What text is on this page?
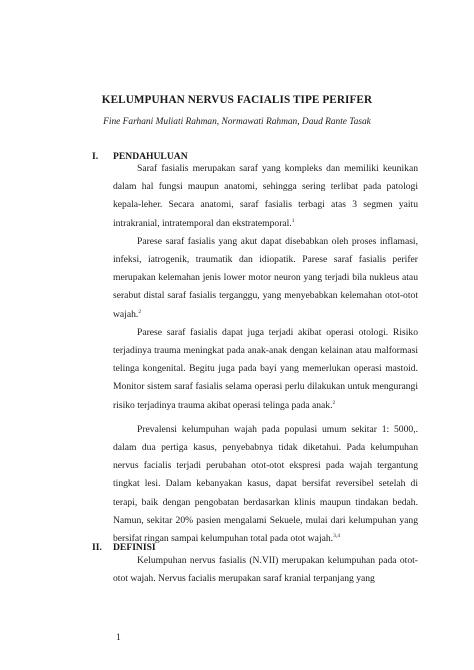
KELUMPUHAN NERVUS FACIALIS TIPE PERIFER
Fine Farhani Muliati Rahman, Normawati Rahman, Daud Rante Tasak
I. PENDAHULUAN

Saraf fasialis merupakan saraf yang kompleks dan memiliki keunikan dalam hal fungsi maupun anatomi, sehingga sering terlibat pada patologi kepala-leher. Secara anatomi, saraf fasialis terbagi atas 3 segmen yaitu intrakranial, intratemporal dan ekstratemporal.$^1$

Parese saraf fasialis yang akut dapat disebabkan oleh proses inflamasi, infeksi, iatrogenik, traumatik dan idiopatik. Parese saraf fasialis perifer merupakan kelemahan jenis lower motor neuron yang terjadi bila nukleus atau serabut distal saraf fasialis terganggu, yang menyebabkan kelemahan otot-otot wajah.$^2$

Parese saraf fasialis dapat juga terjadi akibat operasi otologi. Risiko terjadinya trauma meningkat pada anak-anak dengan kelainan atau malformasi telinga kongenital. Begitu juga pada bayi yang memerlukan operasi mastoid. Monitor sistem saraf fasialis selama operasi perlu dilakukan untuk mengurangi risiko terjadinya trauma akibat operasi telinga pada anak.$^2$

Prevalensi kelumpuhan wajah pada populasi umum sekitar 1: 5000,. dalam dua pertiga kasus, penyebabnya tidak diketahui. Pada kelumpuhan nervus facialis terjadi perubahan otot-otot ekspresi pada wajah tergantung tingkat lesi. Dalam kebanyakan kasus, dapat bersifat reversibel setelah di terapi, baik dengan pengobatan berdasarkan klinis maupun tindakan bedah. Namun, sekitar 20% pasien mengalami Sekuele, mulai dari kelumpuhan yang bersifat ringan sampai kelumpuhan total pada otot wajah.$^{3,4}$

II. DEFINISI

Kelumpuhan nervus fasialis (N.VII) merupakan kelumpuhan pada otot-otot wajah. Nervus facialis merupakan saraf kranial terpanjang yang

1
